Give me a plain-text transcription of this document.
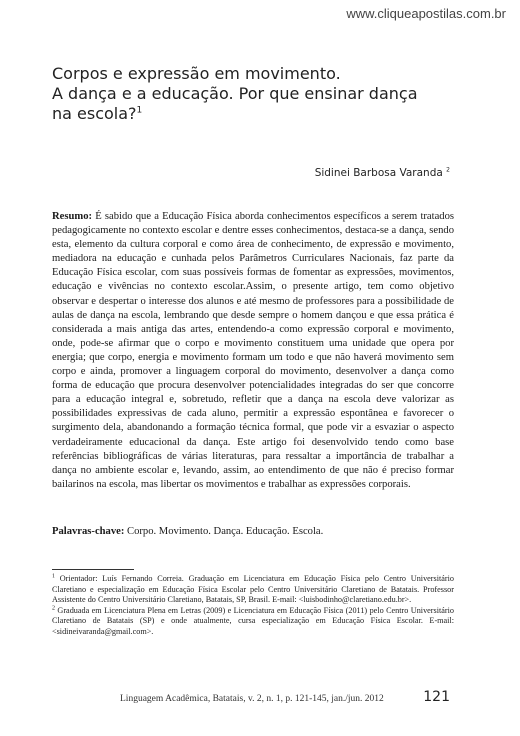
www.cliqueapostilas.com.br
Corpos e expressão em movimento.
A dança e a educação. Por que ensinar dança
na escola?$^1$
Sidinei Barbosa Varanda $^2$

Resumo: É sabido que a Educação Física aborda conhecimentos específicos a serem tratados pedagogicamente no contexto escolar e dentre esses conhecimentos, destaca-se a dança, sendo esta, elemento da cultura corporal e como área de conhecimento, de expressão e movimento, mediadora na educação e cunhada pelos Parâmetros Curriculares Nacionais, faz parte da Educação Física escolar, com suas possíveis formas de fomentar as expressões, movimentos, educação e vivências no contexto escolar.Assim, o presente artigo, tem como objetivo observar e despertar o interesse dos alunos e até mesmo de professores para a possibilidade de aulas de dança na escola, lembrando que desde sempre o homem dançou e que essa prática é considerada a mais antiga das artes, entendendo-a como expressão corporal e movimento, onde, pode-se afirmar que o corpo e movimento constituem uma unidade que opera por energia; que corpo, energia e movimento formam um todo e que não haverá movimento sem corpo e ainda, promover a linguagem corporal do movimento, desenvolver a dança como forma de educação que procura desenvolver potencialidades integradas do ser que concorre para a educação integral e, sobretudo, refletir que a dança na escola deve valorizar as possibilidades expressivas de cada aluno, permitir a expressão espontânea e favorecer o surgimento dela, abandonando a formação técnica formal, que pode vir a esvaziar o aspecto verdadeiramente educacional da dança. Este artigo foi desenvolvido tendo como base referências bibliográficas de várias literaturas, para ressaltar a importância de trabalhar a dança no ambiente escolar e, levando, assim, ao entendimento de que não é preciso formar bailarinos na escola, mas libertar os movimentos e trabalhar as expressões corporais.

Palavras-chave: Corpo. Movimento. Dança. Educação. Escola.

$^1$ Orientador: Luís Fernando Correia. Graduação em Licenciatura em Educação Física pelo Centro Universitário Claretiano e especialização em Educação Física Escolar pelo Centro Universitário Claretiano de Batatais. Professor Assistente do Centro Universitário Claretiano, Batatais, SP, Brasil. E-mail: <luisbodinho@claretiano.edu.br>.

$^2$ Graduada em Licenciatura Plena em Letras (2009) e Licenciatura em Educação Física (2011) pelo Centro Universitário Claretiano de Batatais (SP) e onde atualmente, cursa especialização em Educação Física Escolar. E-mail: <sidineivaranda@gmail.com>.

Linguagem Acadêmica, Batatais, v. 2, n. 1, p. 121-145, jan./jun. 2012	121
